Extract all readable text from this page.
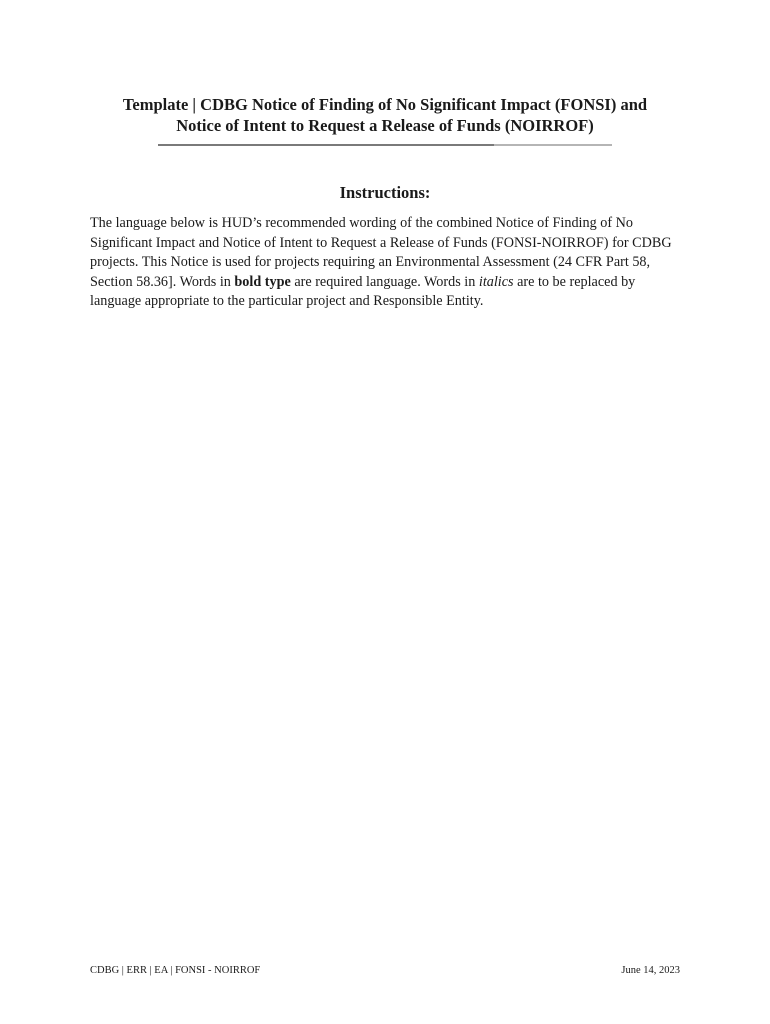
Template | CDBG Notice of Finding of No Significant Impact (FONSI) and
Notice of Intent to Request a Release of Funds (NOIRROF)
Instructions:
The language below is HUD’s recommended wording of the combined Notice of Finding of No Significant Impact and Notice of Intent to Request a Release of Funds (FONSI-NOIRROF) for CDBG projects. This Notice is used for projects requiring an Environmental Assessment (24 CFR Part 58, Section 58.36]. Words in bold type are required language. Words in italics are to be replaced by language appropriate to the particular project and Responsible Entity.
CDBG | ERR | EA | FONSI - NOIRROF	June 14, 2023
